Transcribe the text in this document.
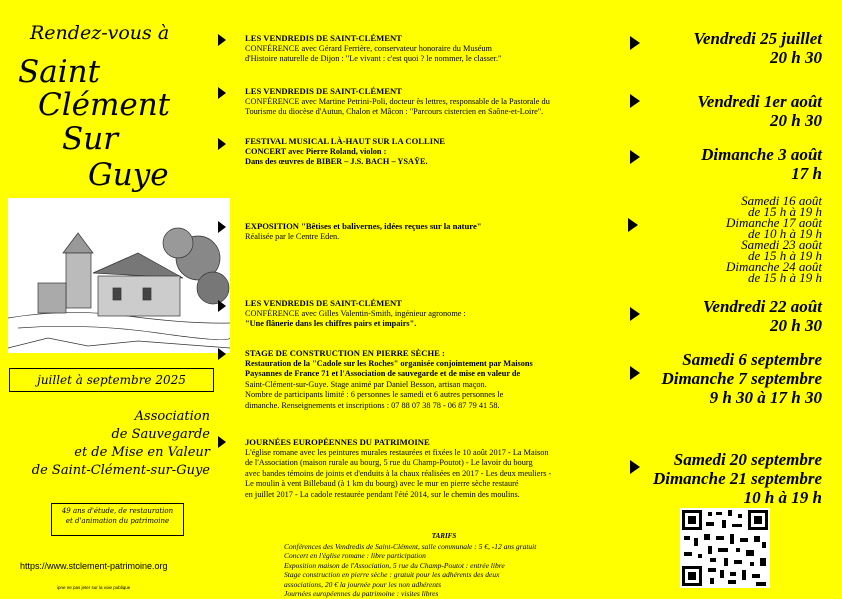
Rendez-vous à
Saint
Clément
Sur
Guye
juillet à septembre 2025
Association
de Sauvegarde
et de Mise en Valeur
de Saint-Clément-sur-Guye
49 ans d'étude, de restauration
et d'animation du patrimoine
https://www.stclement-patrimoine.org
ipne ne pas jeter sur la voie publique
LES VENDREDIS DE SAINT-CLÉMENT
CONFÉRENCE avec Gérard Ferrière, conservateur honoraire du Muséum
d'Histoire naturelle de Dijon : "Le vivant : c'est quoi ? le nommer, le classer."
Vendredi 25 juillet
20 h 30
LES VENDREDIS DE SAINT-CLÉMENT
CONFÉRENCE avec Martine Petrini-Poli, docteur ès lettres, responsable de la Pastorale du
Tourisme du diocèse d'Autun, Chalon et Mâcon : "Parcours cistercien en Saône-et-Loire".
Vendredi 1er août
20 h 30
FESTIVAL MUSICAL LÀ-HAUT SUR LA COLLINE
CONCERT avec Pierre Roland, violon :
Dans des œuvres de BIBER – J.S. BACH – YSAŸE.	Dimanche 3 août
17 h
EXPOSITION "Bêtises et balivernes, idées reçues sur la nature"
Réalisée par le Centre Eden.
Samedi 16 août
de 15 h à 19 h
Dimanche 17 août
de 10 h à 19 h
Samedi 23 août
de 15 h à 19 h
Dimanche 24 août
de 15 h à 19 h
LES VENDREDIS DE SAINT-CLÉMENT
CONFÉRENCE avec Gilles Valentin-Smith, ingénieur agronome :
"Une flânerie dans les chiffres pairs et impairs".
Vendredi 22 août
20 h 30
STAGE DE CONSTRUCTION EN PIERRE SÈCHE :
Restauration de la "Cadole sur les Roches" organisée conjointement par Maisons
Paysannes de France 71 et l'Association de sauvegarde et de mise en valeur de
Saint-Clément-sur-Guye. Stage animé par Daniel Besson, artisan maçon.
Nombre de participants limité : 6 personnes le samedi et 6 autres personnes le
dimanche. Renseignements et inscriptions : 07 88 07 38 78 - 06 87 79 41 58.
Samedi 6 septembre
Dimanche 7 septembre
9 h 30 à 17 h 30
JOURNÉES EUROPÉENNES DU PATRIMOINE
L'église romane avec les peintures murales restaurées et fixées le 10 août 2017 - La Maison
de l'Association (maison rurale au bourg, 5 rue du Champ-Poutot) - Le lavoir du bourg
avec bandes témoins de joints et d'enduits à la chaux réalisées en 2017 - Les deux meuliers -
Le moulin à vent Billebaud (à 1 km du bourg) avec le mur en pierre sèche restauré
en juillet 2017 - La cadole restaurée pendant l'été 2014, sur le chemin des moulins.
Samedi 20 septembre
Dimanche 21 septembre
10 h à 19 h
TARIFS
Conférences des Vendredis de Saint-Clément, salle communale : 5 €, -12 ans gratuit
Concert en l'église romane : libre participation
Exposition maison de l'Association, 5 rue du Champ-Poutot : entrée libre
Stage construction en pierre sèche : gratuit pour les adhérents des deux
associations, 20 € la journée pour les non adhérents
Journées européennes du patrimoine : visites libres
